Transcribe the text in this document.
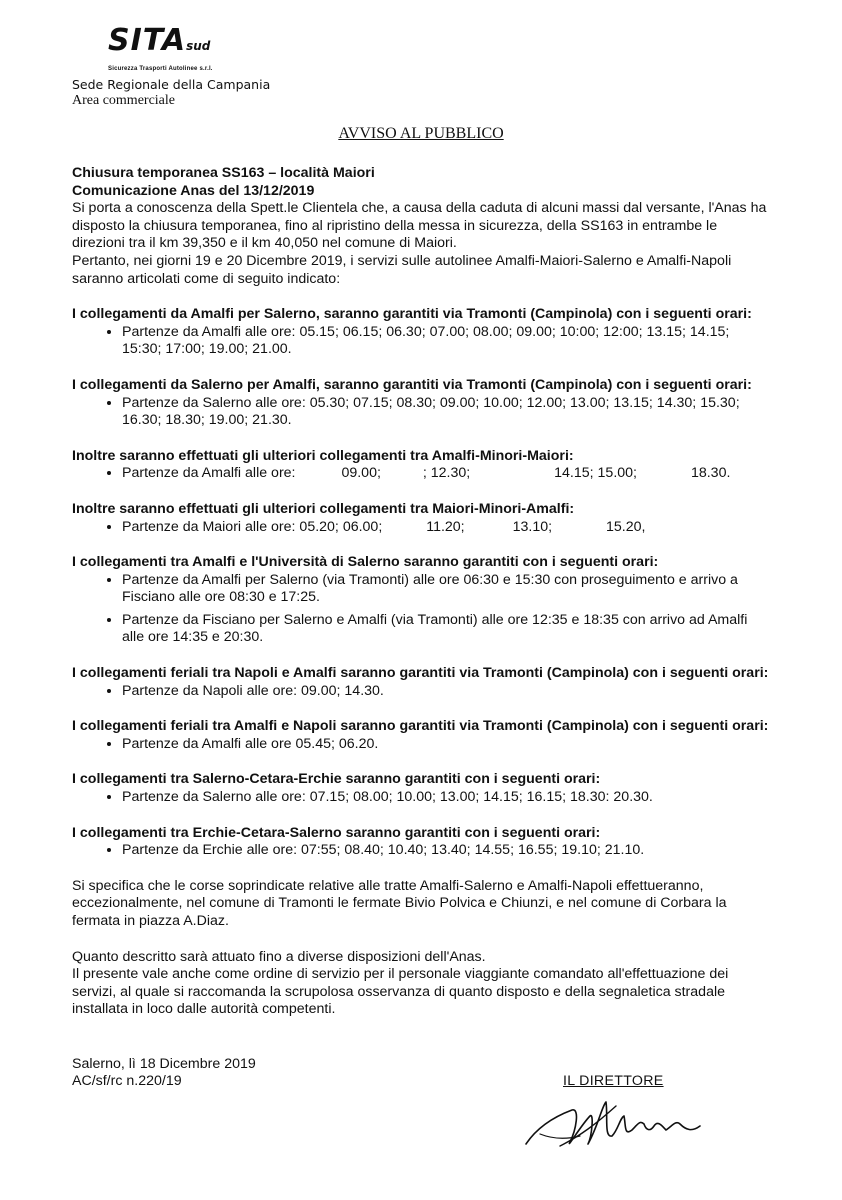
SITAsud
Sicurezza Trasporti Autolinee s.r.l.
Sede Regionale della Campania
Area commerciale
AVVISO AL PUBBLICO

Chiusura temporanea SS163 – località Maiori

Comunicazione Anas del 13/12/2019

Si porta a conoscenza della Spett.le Clientela che, a causa della caduta di alcuni massi dal versante, l'Anas ha disposto la chiusura temporanea, fino al ripristino della messa in sicurezza, della SS163 in entrambe le direzioni tra il km 39,350 e il km 40,050 nel comune di Maiori.

Pertanto, nei giorni 19 e 20 Dicembre 2019, i servizi sulle autolinee Amalfi-Maiori-Salerno e Amalfi-Napoli saranno articolati come di seguito indicato:

I collegamenti da Amalfi per Salerno, saranno garantiti via Tramonti (Campinola) con i seguenti orari:

• Partenze da Amalfi alle ore: 05.15; 06.15; 06.30; 07.00; 08.00; 09.00; 10:00; 12:00; 13.15; 14.15; 15:30; 17:00; 19.00; 21.00.

I collegamenti da Salerno per Amalfi, saranno garantiti via Tramonti (Campinola) con i seguenti orari:

• Partenze da Salerno alle ore: 05.30; 07.15; 08.30; 09.00; 10.00; 12.00; 13.00; 13.15; 14.30; 15.30; 16.30; 18.30; 19.00; 21.30.

Inoltre saranno effettuati gli ulteriori collegamenti tra Amalfi-Minori-Maiori:

• Partenze da Amalfi alle ore:	09.00;	; 12.30;	14.15; 15.00;	18.30.

Inoltre saranno effettuati gli ulteriori collegamenti tra Maiori-Minori-Amalfi:

• Partenze da Maiori alle ore: 05.20; 06.00;	11.20;	13.10;	15.20,

I collegamenti tra Amalfi e l'Università di Salerno saranno garantiti con i seguenti orari:

• Partenze da Amalfi per Salerno (via Tramonti) alle ore 06:30 e 15:30 con proseguimento e arrivo a Fisciano alle ore 08:30 e 17:25.
• Partenze da Fisciano per Salerno e Amalfi (via Tramonti) alle ore 12:35 e 18:35 con arrivo ad Amalfi alle ore 14:35 e 20:30.

I collegamenti feriali tra Napoli e Amalfi saranno garantiti via Tramonti (Campinola) con i seguenti orari:

• Partenze da Napoli alle ore: 09.00; 14.30.

I collegamenti feriali tra Amalfi e Napoli saranno garantiti via Tramonti (Campinola) con i seguenti orari:

• Partenze da Amalfi alle ore 05.45; 06.20.

I collegamenti tra Salerno-Cetara-Erchie saranno garantiti con i seguenti orari:

• Partenze da Salerno alle ore: 07.15; 08.00; 10.00; 13.00; 14.15; 16.15; 18.30: 20.30.

I collegamenti tra Erchie-Cetara-Salerno saranno garantiti con i seguenti orari:

• Partenze da Erchie alle ore: 07:55; 08.40; 10.40; 13.40; 14.55; 16.55; 19.10; 21.10.

Si specifica che le corse soprindicate relative alle tratte Amalfi-Salerno e Amalfi-Napoli effettueranno, eccezionalmente, nel comune di Tramonti le fermate Bivio Polvica e Chiunzi, e nel comune di Corbara la fermata in piazza A.Diaz.

Quanto descritto sarà attuato fino a diverse disposizioni dell'Anas.

Il presente vale anche come ordine di servizio per il personale viaggiante comandato all'effettuazione dei servizi, al quale si raccomanda la scrupolosa osservanza di quanto disposto e della segnaletica stradale installata in loco dalle autorità competenti.

Salerno, lì 18 Dicembre 2019
AC/sf/rc n.220/19	IL DIRETTORE
